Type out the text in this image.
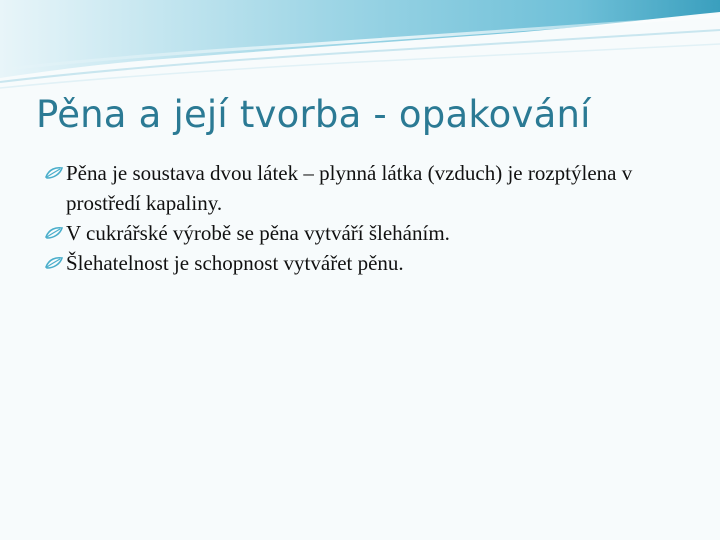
Pěna a její tvorba - opakování
Pěna je soustava dvou látek – plynná látka (vzduch) je rozptýlena v prostředí kapaliny.
V cukrářské výrobě se pěna vytváří šleháním.
Šlehatelnost je schopnost vytvářet pěnu.
